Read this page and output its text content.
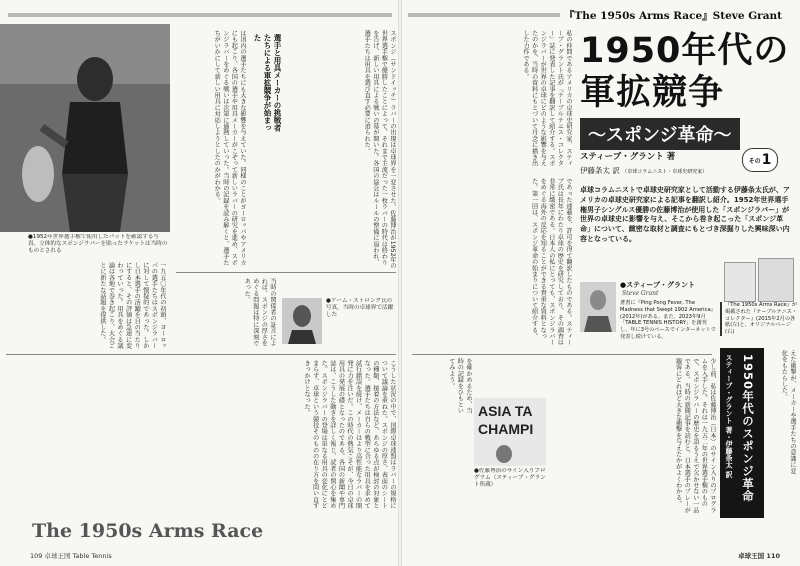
『The 1950s Arms Race』Steve Grant
●1952年世界選手権で使用したバットを確認する写真。立体的なスポンジラバーを貼ったラケットは当時のものとされる	は国内の選手たちにも大きな影響を与えていた。同様のことがヨーロッパやアメリカにも起こり、各国の選手や用具メーカーがこぞって新しいラバーの研究を進め、スポンジラバーをめぐる戦いは次第に過熱していった。当時の記録を読み解くと、選手たちがいかにして新しい用具に対応しようとしたのかがわかる。	選手と用具メーカーの挑戦者たちによる軍拡競争が始まった	スポンジ（サンドイッチ）ラバーの出現は卓球界を一変させた。佐藤博治が1952年の世界選手権で優勝したことによって、それまで主流だった一枚ラバーの時代は終わりを告げ、新しい用具による戦いの幕が開いた。各国の協会はルールの整備に追われ、選手たちは用具を選び直す必要に迫られた。
一九五〇年代の初頭、ヨーロッパの選手たちはスポンジラバーに対して懐疑的であった。しかし日本選手の活躍を目の当たりにすると、その評価は急速に変わっていった。用具をめぐる議論は各地で巻き起こり、大会ごとに新たな話題を提供した。	当時の関係者の証言によれば、スポンジの厚さをめぐる問題は特に深刻であった。	●アーム・ストロング氏の写真。当時の卓球界で活躍した
こうした状況の中で、国際卓球連盟はラバーの規格について議論を重ねた。スポンジの厚さ、表面のシートの種類、接着の方法など、あらゆる点が検討の対象となった。選手たちは自らの戦型に合った用具を求めて試行錯誤を続け、メーカーはより高性能なラバーの開発に力を注いだ。この時代の熱気こそが、今日の卓球用具の発展の礎となったのである。各国の新聞や専門誌は、こうした動きを詳しく報じ、読者の関心を集めた。スポンジラバーの登場は単なる用具の変化にとどまらず、卓球という競技そのものの在り方を問い直すきっかけとなった。
The 1950s Arms Race
109 卓球王国 Table Tennis
私の仲間であるアメリカの卓球史研究家、スティーブ・グラント氏が『テーブルテニス・コレクター』誌に発表した記事を翻訳して紹介する。スポンジラバーが世界の卓球にどのような影響を与えたのかを、当時の資料にもとづいて丹念に描き出した力作である。
であった連載を、許可を得て翻訳したものである。スティーブ氏は長年にわたり卓球の歴史を研究しており、その調査は非常に緻密である。日本人の私にとっても、スポンジラバーをめぐる海外の反応を知ることができる貴重な資料となった。第一回は、スポンジ革命の始まりについて紹介する。
1950年代の
軍拡競争
〜スポンジ革命〜
スティーブ・グラント 著
伊藤条太 訳 （卓球コラムニスト・卓球史研究家）
その 1
卓球コラムニストで卓球史研究家として活動する伊藤条太氏が、アメリカの卓球史研究家による記事を翻訳し紹介。1952年世界選手権男子シングルス優勝の佐藤博治が使用した「スポンジラバー」が世界の卓球史に影響を与え、そこから巻き起こった「スポンジ革命」について、緻密な取材と調査にもとづき深掘りした興味深い内容となっている。
●スティーブ・グラント
Steve Grant
著書に『Ping Pong Fever, The Madness that Swept 1902 America』(2012年)がある。また、2023年9月「TABLE TENNIS HISTORY」を創刊し、年に3号のペースでインターネットで発表し続けている。
『The 1950s Arms Race』が掲載された『テーブルテニス・コレクター』(2015年2月の各紙(左)と、オリジナルページ(右)
を確かめるため、当時の記録をひもといてみよう。
ASIA TA
CHAMPI
●佐藤博治のサイン入りプログラム（スティーブ・グラント所蔵）	少し前、私は佐藤博治（日本）のサイン入りのプログラムを入手した。それは一九五二年の世界選手権のもので、スポンジラバーの歴史を語るうえで欠かせない一品である。当時の新聞記事を読むと、日本選手のプレーが観客にどれほど大きな衝撃を与えたかがよくわかる。	1950年代のスポンジ革命 スティーブ・グラント 著・伊藤条太 訳	えた衝撃が、メーカーや選手たちの意識に変化をもたらした。
卓球王国 110
